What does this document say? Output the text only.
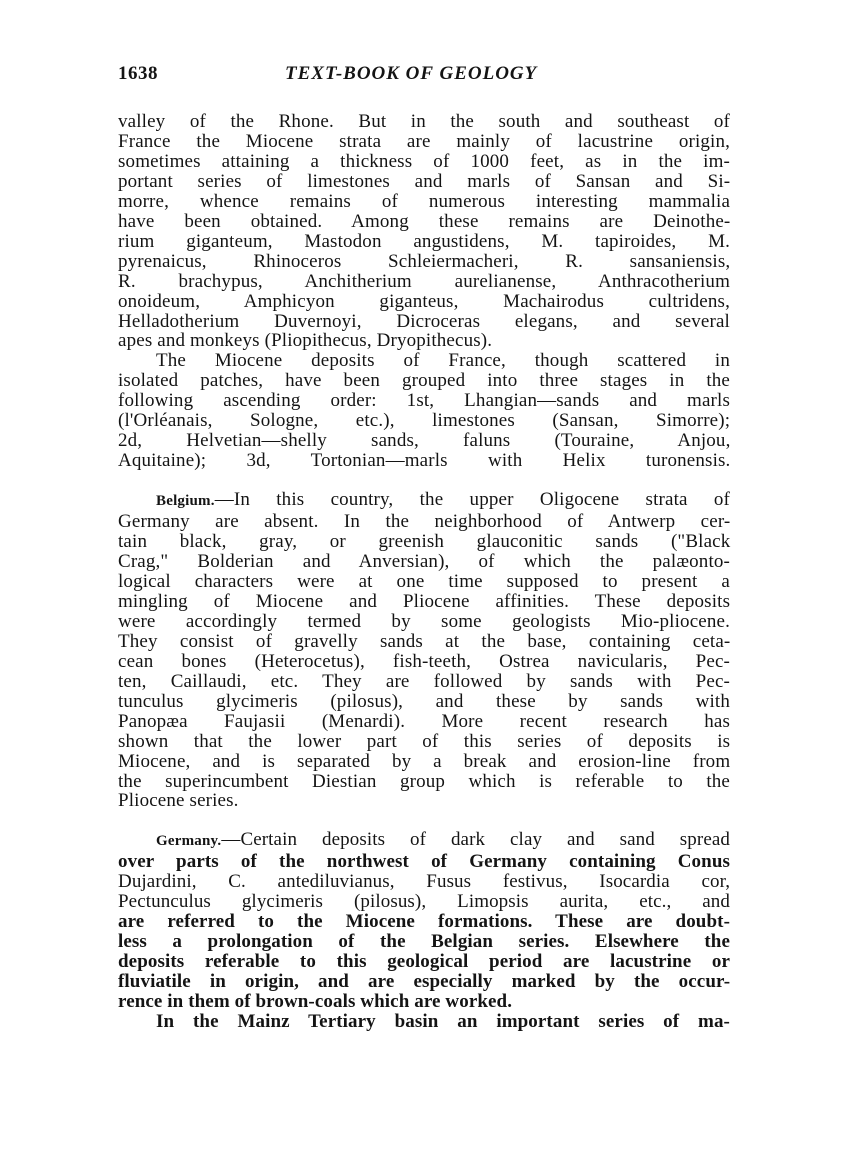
1638	TEXT-BOOK OF GEOLOGY

valley of the Rhone. But in the south and southeast of
France the Miocene strata are mainly of lacustrine origin,
sometimes attaining a thickness of 1000 feet, as in the im-
portant series of limestones and marls of Sansan and Si-
morre, whence remains of numerous interesting mammalia
have been obtained. Among these remains are Deinothe-
rium giganteum, Mastodon angustidens, M. tapiroides, M.
pyrenaicus, Rhinoceros Schleiermacheri, R. sansaniensis,
R. brachypus, Anchitherium aurelianense, Anthracotherium
onoideum, Amphicyon giganteus, Machairodus cultridens,
Helladotherium Duvernoyi, Dicroceras elegans, and several
apes and monkeys (Pliopithecus, Dryopithecus).

The Miocene deposits of France, though scattered in
isolated patches, have been grouped into three stages in the
following ascending order: 1st, Lhangian—sands and marls
(l'Orléanais, Sologne, etc.), limestones (Sansan, Simorre);
2d, Helvetian—shelly sands, faluns (Touraine, Anjou,
Aquitaine); 3d, Tortonian—marls with Helix turonensis.

Belgium.—In this country, the upper Oligocene strata of
Germany are absent. In the neighborhood of Antwerp cer-
tain black, gray, or greenish glauconitic sands ("Black
Crag," Bolderian and Anversian), of which the palæonto-
logical characters were at one time supposed to present a
mingling of Miocene and Pliocene affinities. These deposits
were accordingly termed by some geologists Mio-pliocene.
They consist of gravelly sands at the base, containing ceta-
cean bones (Heterocetus), fish-teeth, Ostrea navicularis, Pec-
ten, Caillaudi, etc. They are followed by sands with Pec-
tunculus glycimeris (pilosus), and these by sands with
Panopæa Faujasii (Menardi). More recent research has
shown that the lower part of this series of deposits is
Miocene, and is separated by a break and erosion-line from
the superincumbent Diestian group which is referable to the
Pliocene series.

Germany.—Certain deposits of dark clay and sand spread
over parts of the northwest of Germany containing Conus
Dujardini, C. antediluvianus, Fusus festivus, Isocardia cor,
Pectunculus glycimeris (pilosus), Limopsis aurita, etc., and
are referred to the Miocene formations. These are doubt-
less a prolongation of the Belgian series. Elsewhere the
deposits referable to this geological period are lacustrine or
fluviatile in origin, and are especially marked by the occur-
rence in them of brown-coals which are worked.

In the Mainz Tertiary basin an important series of ma-
